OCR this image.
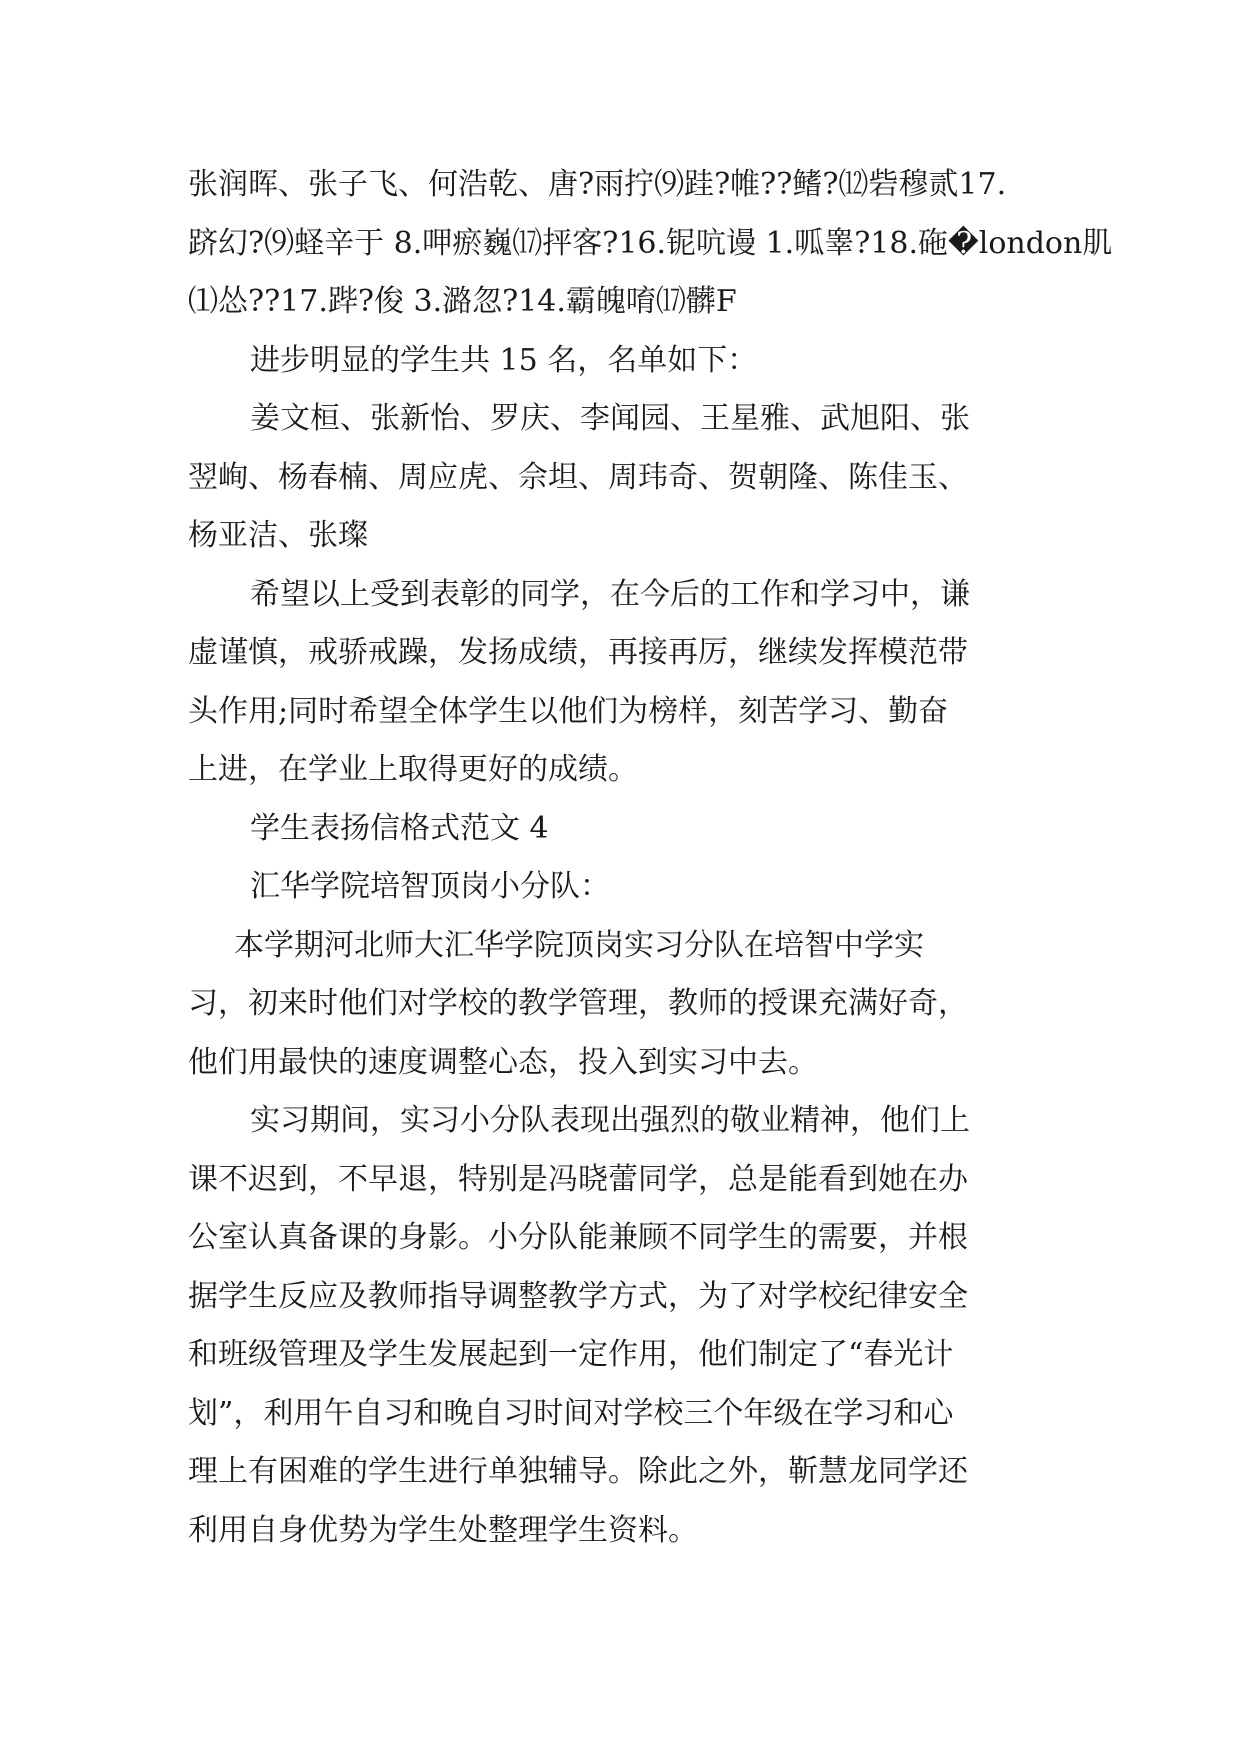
张润晖、张子飞、何浩乾、唐?雨拧⑼跬?帷??鳍?⑿砦穆贰17.
跻幻?⑼蛏辛于 8.呷瘀巍⒄抨客?16.铌吭谩 1.呱睾?18.砤�london肌
⑴怂??17.跸?俊 3.潞忽?14.霸魄唷⒄髒F

进步明显的学生共 15 名，名单如下：

姜文桓、张新怡、罗庆、李闻园、王星雅、武旭阳、张
翌峋、杨春楠、周应虎、佘坦、周玮奇、贺朝隆、陈佳玉、
杨亚洁、张璨

希望以上受到表彰的同学，在今后的工作和学习中，谦
虚谨慎，戒骄戒躁，发扬成绩，再接再厉，继续发挥模范带
头作用;同时希望全体学生以他们为榜样，刻苦学习、勤奋
上进，在学业上取得更好的成绩。

学生表扬信格式范文 4

汇华学院培智顶岗小分队：

本学期河北师大汇华学院顶岗实习分队在培智中学实
习，初来时他们对学校的教学管理，教师的授课充满好奇，
他们用最快的速度调整心态，投入到实习中去。

实习期间，实习小分队表现出强烈的敬业精神，他们上
课不迟到，不早退，特别是冯晓蕾同学，总是能看到她在办
公室认真备课的身影。小分队能兼顾不同学生的需要，并根
据学生反应及教师指导调整教学方式，为了对学校纪律安全
和班级管理及学生发展起到一定作用，他们制定了“春光计
划”，利用午自习和晚自习时间对学校三个年级在学习和心
理上有困难的学生进行单独辅导。除此之外，靳慧龙同学还
利用自身优势为学生处整理学生资料。
